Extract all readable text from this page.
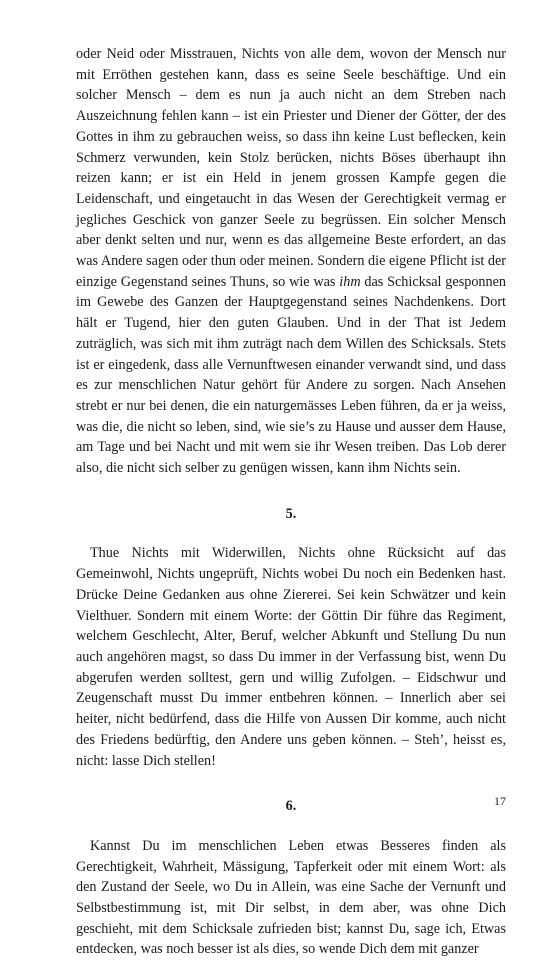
oder Neid oder Misstrauen, Nichts von alle dem, wovon der Mensch nur mit Erröthen gestehen kann, dass es seine Seele beschäftige. Und ein solcher Mensch – dem es nun ja auch nicht an dem Streben nach Auszeichnung fehlen kann – ist ein Priester und Diener der Götter, der des Gottes in ihm zu gebrauchen weiss, so dass ihn keine Lust beflecken, kein Schmerz verwunden, kein Stolz berücken, nichts Böses überhaupt ihn reizen kann; er ist ein Held in jenem grossen Kampfe gegen die Leidenschaft, und eingetaucht in das Wesen der Gerechtigkeit vermag er jegliches Geschick von ganzer Seele zu begrüssen. Ein solcher Mensch aber denkt selten und nur, wenn es das allgemeine Beste erfordert, an das was Andere sagen oder thun oder meinen. Sondern die eigene Pflicht ist der einzige Gegenstand seines Thuns, so wie was ihm das Schicksal gesponnen im Gewebe des Ganzen der Hauptgegenstand seines Nachdenkens. Dort hält er Tugend, hier den guten Glauben. Und in der That ist Jedem zuträglich, was sich mit ihm zuträgt nach dem Willen des Schicksals. Stets ist er eingedenk, dass alle Vernunftwesen einander verwandt sind, und dass es zur menschlichen Natur gehört für Andere zu sorgen. Nach Ansehen strebt er nur bei denen, die ein naturgemässes Leben führen, da er ja weiss, was die, die nicht so leben, sind, wie sie’s zu Hause und ausser dem Hause, am Tage und bei Nacht und mit wem sie ihr Wesen treiben. Das Lob derer also, die nicht sich selber zu genügen wissen, kann ihm Nichts sein.

5.

Thue Nichts mit Widerwillen, Nichts ohne Rücksicht auf das Gemeinwohl, Nichts ungeprüft, Nichts wobei Du noch ein Bedenken hast. Drücke Deine Gedanken aus ohne Ziererei. Sei kein Schwätzer und kein Vielthuer. Sondern mit einem Worte: der Göttin Dir führe das Regiment, welchem Geschlecht, Alter, Beruf, welcher Abkunft und Stellung Du nun auch angehören magst, so dass Du immer in der Verfassung bist, wenn Du abgerufen werden solltest, gern und willig Zufolgen. – Eidschwur und Zeugenschaft musst Du immer entbehren können. – Innerlich aber sei heiter, nicht bedürfend, dass die Hilfe von Aussen Dir komme, auch nicht des Friedens bedürftig, den Andere uns geben können. – Steh’, heisst es, nicht: lasse Dich stellen!

6.

Kannst Du im menschlichen Leben etwas Besseres finden als Gerechtigkeit, Wahrheit, Mässigung, Tapferkeit oder mit einem Wort: als den Zustand der Seele, wo Du in Allein, was eine Sache der Vernunft und Selbstbestimmung ist, mit Dir selbst, in dem aber, was ohne Dich geschieht, mit dem Schicksale zufrieden bist; kannst Du, sage ich, Etwas entdecken, was noch besser ist als dies, so wende Dich dem mit ganzer

17
